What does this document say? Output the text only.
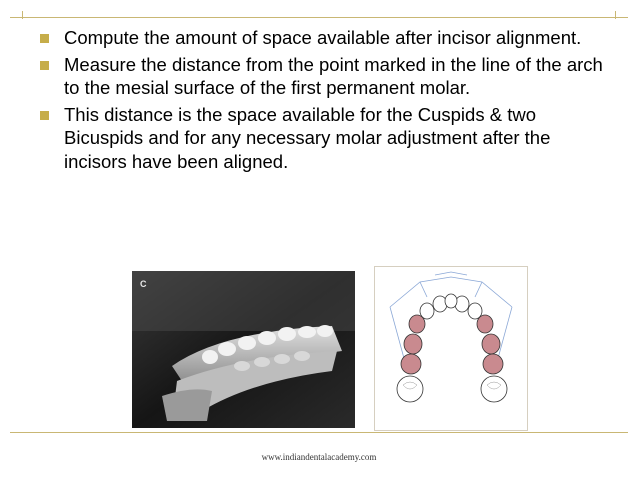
Compute the amount of space available after incisor alignment.
Measure the distance from the point marked in the line of the arch to the mesial surface of the first permanent molar.
This distance is the space available for the Cuspids & two Bicuspids and for any necessary molar adjustment after the incisors have been aligned.
C
www.indiandentalacademy.com
